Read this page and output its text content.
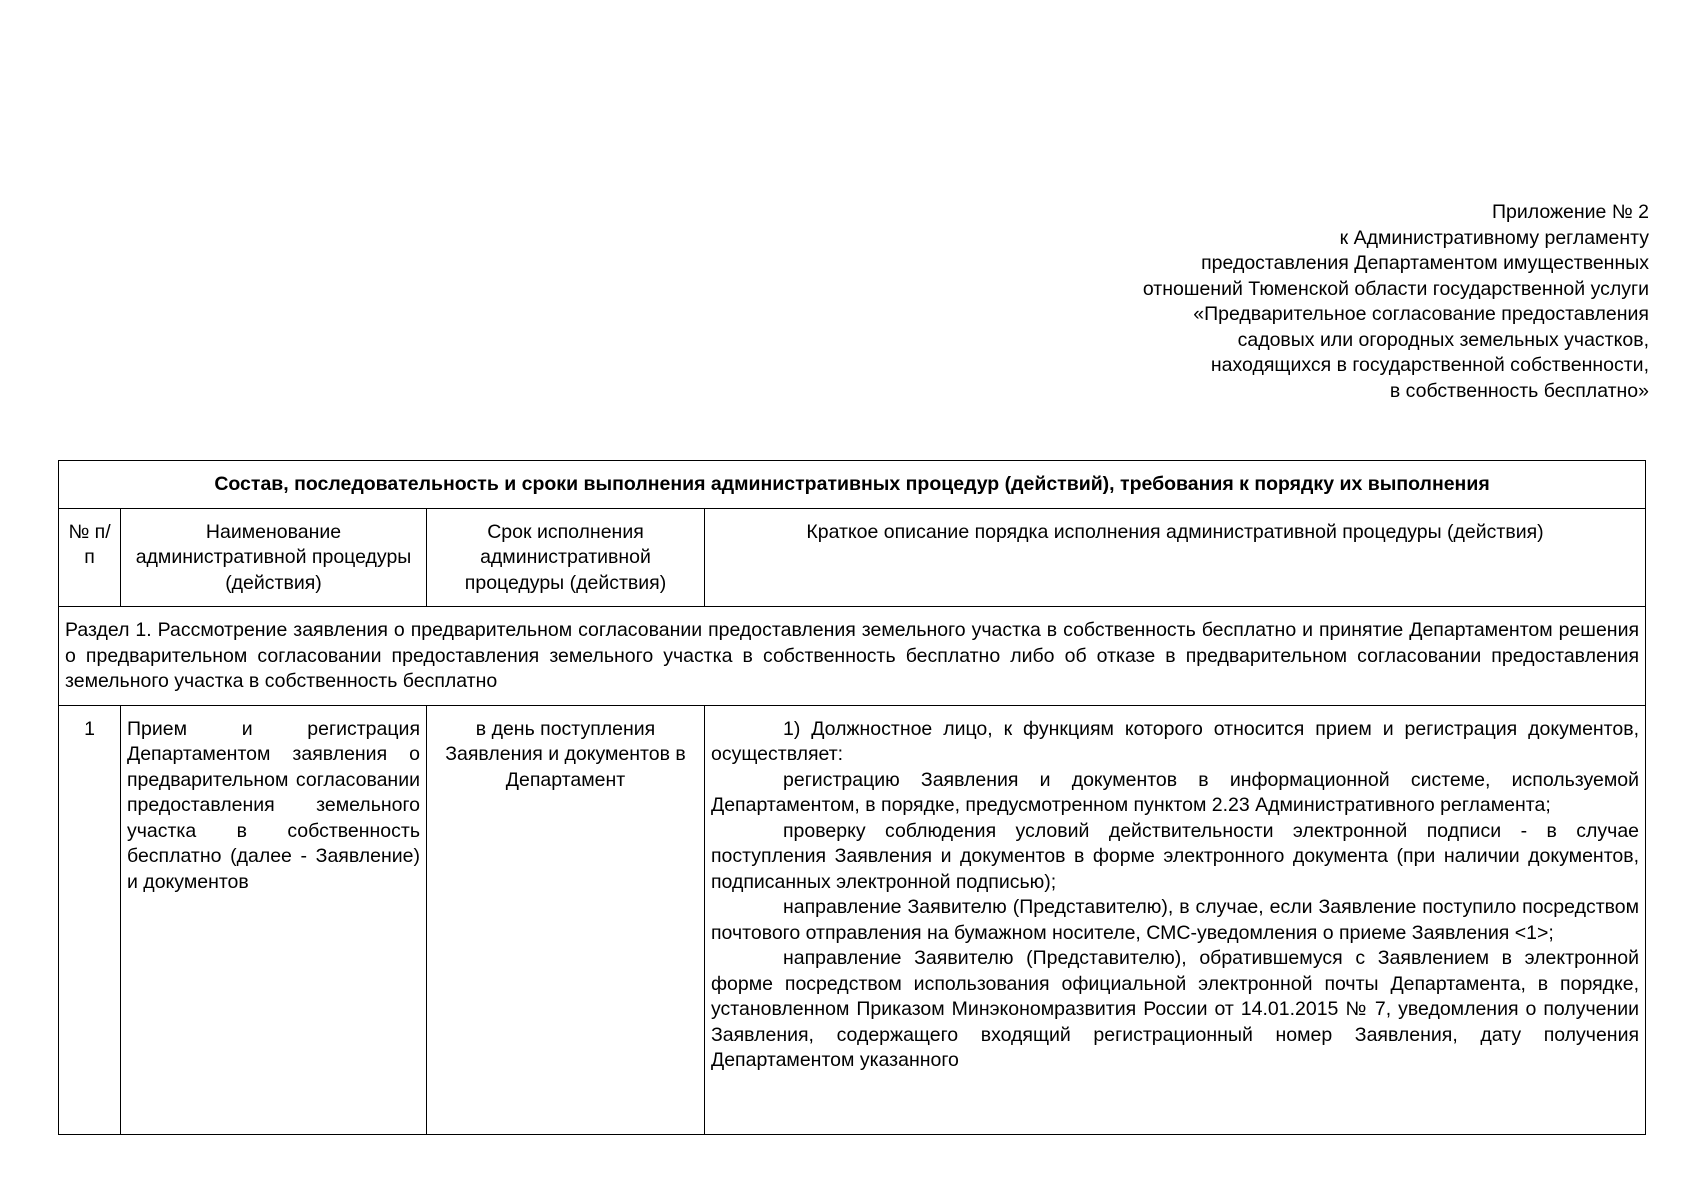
Приложение № 2
к Административному регламенту
предоставления Департаментом имущественных
отношений Тюменской области государственной услуги
«Предварительное согласование предоставления
садовых или огородных земельных участков,
находящихся в государственной собственности,
в собственность бесплатно»
Состав, последовательность и сроки выполнения административных процедур (действий), требования к порядку их выполнения			
№ п/п	Наименование административной процедуры (действия)	Срок исполнения административной процедуры (действия)	Краткое описание порядка исполнения административной процедуры (действия)
Раздел 1. Рассмотрение заявления о предварительном согласовании предоставления земельного участка в собственность бесплатно и принятие Департаментом решения о предварительном согласовании предоставления земельного участка в собственность бесплатно либо об отказе в предварительном согласовании предоставления земельного участка в собственность бесплатно			

1	Прием и регистрация Департаментом заявления о предварительном согласовании предоставления земельного участка в собственность бесплатно (далее - Заявление) и документов	в день поступления Заявления и документов в Департамент	1) Должностное лицо, к функциям которого относится прием и регистрация документов, осуществляет:
регистрацию Заявления и документов в информационной системе, используемой Департаментом, в порядке, предусмотренном пунктом 2.23 Административного регламента;
проверку соблюдения условий действительности электронной подписи - в случае поступления Заявления и документов в форме электронного документа (при наличии документов, подписанных электронной подписью);
направление Заявителю (Представителю), в случае, если Заявление поступило посредством почтового отправления на бумажном носителе, СМС-уведомления о приеме Заявления <1>;
направление Заявителю (Представителю), обратившемуся с Заявлением в электронной форме посредством использования официальной электронной почты Департамента, в порядке, установленном Приказом Минэкономразвития России от 14.01.2015 № 7, уведомления о получении Заявления, содержащего входящий регистрационный номер Заявления, дату получения Департаментом указанного
